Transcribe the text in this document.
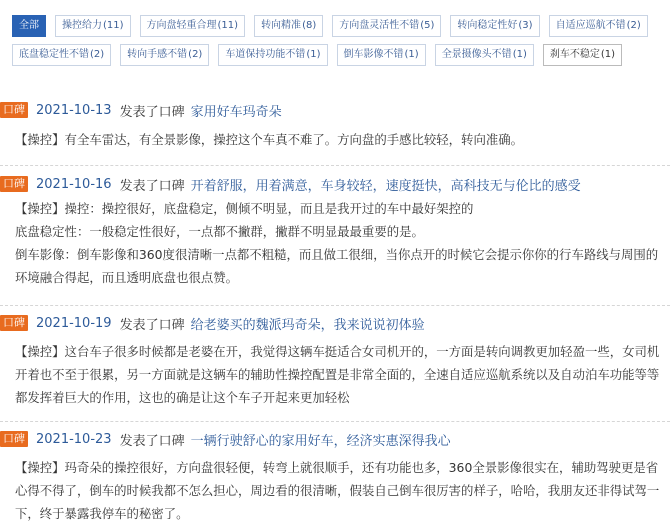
全部	操控给力(11)	方向盘轻重合理(11)	转向精准(8)	方向盘灵活性不错(5)	转向稳定性好(3)	自适应巡航不错(2)
底盘稳定性不错(2)	转向手感不错(2)	车道保持功能不错(1)	倒车影像不错(1)	全景摄像头不错(1)	刹车不稳定(1)
口碑 2021-10-13 发表了口碑 家用好车玛奇朵

【操控】有全车雷达，有全景影像，操控这个车真不难了。方向盘的手感比较轻，转向准确。

口碑 2021-10-16 发表了口碑 开着舒服，用着满意，车身较轻，速度挺快，高科技无与伦比的感受

【操控】操控：操控很好，底盘稳定，侧倾不明显，而且是我开过的车中最好架控的

底盘稳定性：一般稳定性很好，一点都不撇群，撇群不明显最最重要的是。

倒车影像：倒车影像和360度很清晰一点都不粗糙，而且做工很细，当你点开的时候它会提示你你的行车路线与周围的环境融合得起，而且透明底盘也很点赞。

口碑 2021-10-19 发表了口碑 给老婆买的魏派玛奇朵，我来说说初体验

【操控】这台车子很多时候都是老婆在开，我觉得这辆车挺适合女司机开的，一方面是转向调教更加轻盈一些，女司机开着也不至于很累，另一方面就是这辆车的辅助性操控配置是非常全面的，全速自适应巡航系统以及自动泊车功能等等都发挥着巨大的作用，这也的确是让这个车子开起来更加轻松

口碑 2021-10-23 发表了口碑 一辆行驶舒心的家用好车，经济实惠深得我心

【操控】玛奇朵的操控很好，方向盘很轻便，转弯上就很顺手，还有功能也多，360全景影像很实在，辅助驾驶更是省心得不得了，倒车的时候我都不怎么担心，周边看的很清晰，假装自己倒车很厉害的样子，哈哈，我朋友还非得试驾一下，终于暴露我停车的秘密了。
